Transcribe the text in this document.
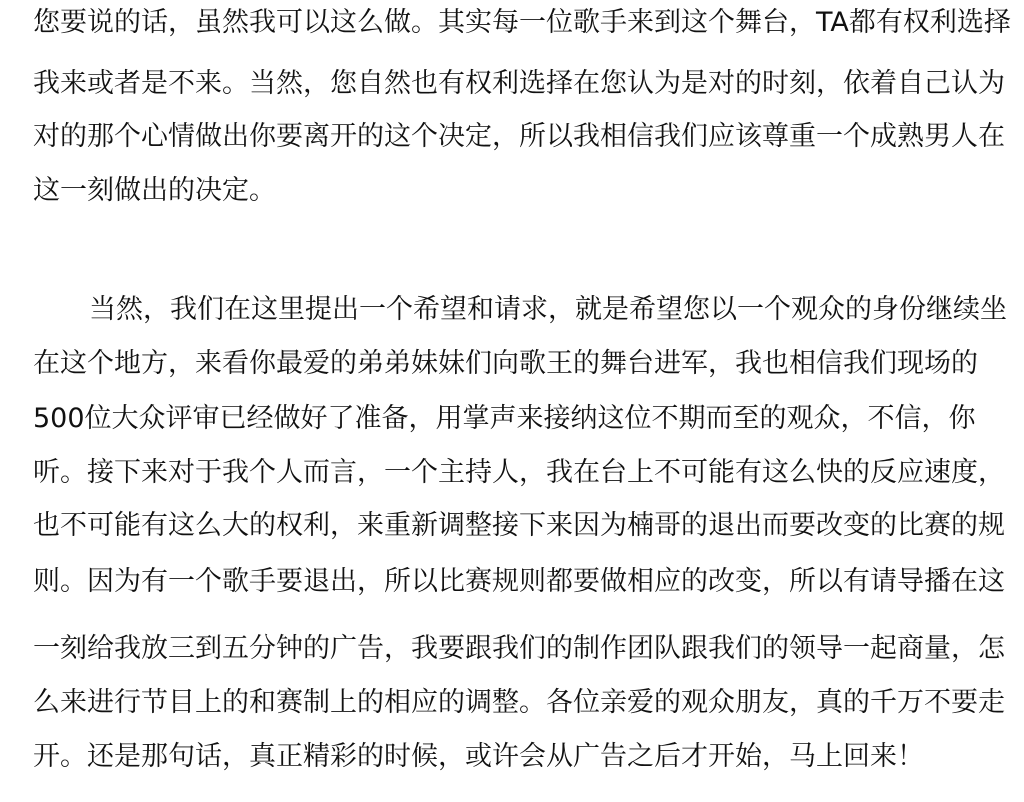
您要说的话，虽然我可以这么做。其实每一位歌手来到这个舞台，TA都有权利选择
我来或者是不来。当然，您自然也有权利选择在您认为是对的时刻，依着自己认为
对的那个心情做出你要离开的这个决定，所以我相信我们应该尊重一个成熟男人在
这一刻做出的决定。
当然，我们在这里提出一个希望和请求，就是希望您以一个观众的身份继续坐
在这个地方，来看你最爱的弟弟妹妹们向歌王的舞台进军，我也相信我们现场的
500位大众评审已经做好了准备，用掌声来接纳这位不期而至的观众，不信，你
听。接下来对于我个人而言，一个主持人，我在台上不可能有这么快的反应速度，
也不可能有这么大的权利，来重新调整接下来因为楠哥的退出而要改变的比赛的规
则。因为有一个歌手要退出，所以比赛规则都要做相应的改变，所以有请导播在这
一刻给我放三到五分钟的广告，我要跟我们的制作团队跟我们的领导一起商量，怎
么来进行节目上的和赛制上的相应的调整。各位亲爱的观众朋友，真的千万不要走
开。还是那句话，真正精彩的时候，或许会从广告之后才开始，马上回来！
